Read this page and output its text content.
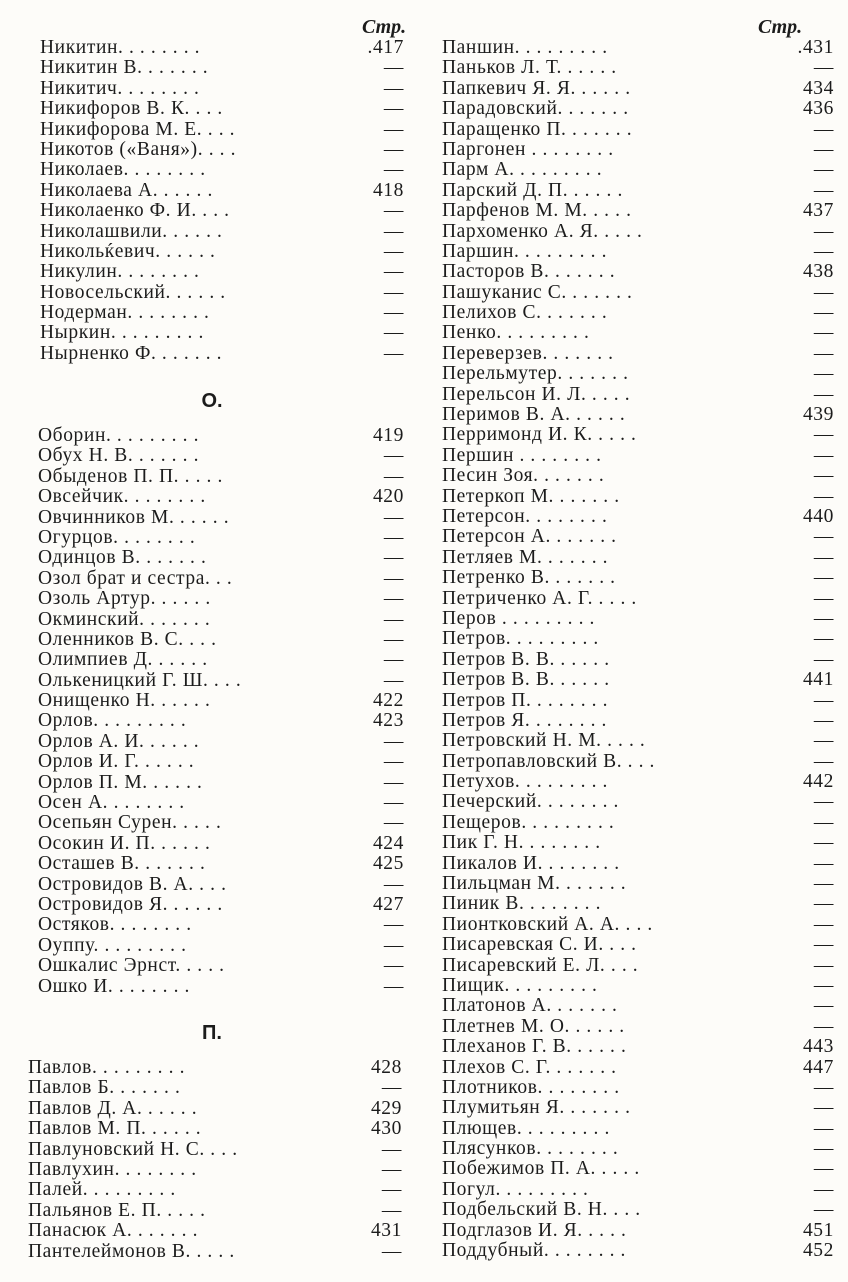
Стр.
Никитин. . . . . . . .	.417
Никитин В. . . . . . .	—
Никитич. . . . . . . .	—
Никифоров В. К. . . .	—
Никифорова М. Е. . . .	—
Никотов («Ваня»). . . .	—
Николаев. . . . . . . .	—
Николаева А. . . . . .	418
Николаенко Ф. И. . . .	—
Николашвили. . . . . .	—
Никольќевич. . . . . .	—
Никулин. . . . . . . .	—
Новосельский. . . . . .	—
Нодерман. . . . . . . .	—
Ныркин. . . . . . . . .	—
Нырненко Ф. . . . . . .	—
О.
Оборин. . . . . . . . .	419
Обух Н. В. . . . . . .	—
Обыденов П. П. . . . .	—
Овсейчик. . . . . . . .	420
Овчинников М. . . . . .	—
Огурцов. . . . . . . .	—
Одинцов В. . . . . . .	—
Озол брат и сестра. . .	—
Озоль Артур. . . . . .	—
Окминский. . . . . . .	—
Оленников В. С. . . .	—
Олимпиев Д. . . . . .	—
Олькеницкий Г. Ш. . . .	—
Онищенко Н. . . . . .	422
Орлов. . . . . . . . .	423
Орлов А. И. . . . . .	—
Орлов И. Г. . . . . .	—
Орлов П. М. . . . . .	—
Осен А. . . . . . . .	—
Осепьян Сурен. . . . .	—
Осокин И. П. . . . . .	424
Осташев В. . . . . . .	425
Островидов В. А. . . .	—
Островидов Я. . . . . .	427
Остяков. . . . . . . .	—
Оуппу. . . . . . . . .	—
Ошкалис Эрнст. . . . .	—
Ошко И. . . . . . . .	—
П.
Павлов. . . . . . . . .	428
Павлов Б. . . . . . .	—
Павлов Д. А. . . . . .	429
Павлов М. П. . . . . .	430
Павлуновский Н. С. . . .	—
Павлухин. . . . . . . .	—
Палей. . . . . . . . .	—
Пальянов Е. П. . . . .	—
Панасюк А. . . . . . .	431
Пантелеймонов В. . . . .	—
Стр.
Паншин. . . . . . . . .	.431
Паньков Л. Т. . . . . .	—
Папкевич Я. Я. . . . . .	434
Парадовский. . . . . . .	436
Паращенко П. . . . . . .	—
Паргонен . . . . . . . .	—
Парм А. . . . . . . . .	—
Парский Д. П. . . . . .	—
Парфенов М. М. . . . .	437
Пархоменко А. Я. . . . .	—
Паршин. . . . . . . . .	—
Пасторов В. . . . . . .	438
Пашуканис С. . . . . . .	—
Пелихов С. . . . . . .	—
Пенко. . . . . . . . .	—
Переверзев. . . . . . .	—
Перельмутер. . . . . . .	—
Перельсон И. Л. . . . .	—
Перимов В. А. . . . . .	439
Перримонд И. К. . . . .	—
Першин . . . . . . . .	—
Песин Зоя. . . . . . .	—
Петеркоп М. . . . . . .	—
Петерсон. . . . . . . .	440
Петерсон А. . . . . . .	—
Петляев М. . . . . . .	—
Петренко В. . . . . . .	—
Петриченко А. Г. . . . .	—
Перов . . . . . . . . .	—
Петров. . . . . . . . .	—
Петров В. В. . . . . .	—
Петров В. В. . . . . .	441
Петров П. . . . . . . .	—
Петров Я. . . . . . . .	—
Петровский Н. М. . . . .	—
Петропавловский В. . . .	—
Петухов. . . . . . . . .	442
Печерский. . . . . . . .	—
Пещеров. . . . . . . . .	—
Пик Г. Н. . . . . . . .	—
Пикалов И. . . . . . . .	—
Пильцман М. . . . . . .	—
Пиник В. . . . . . . .	—
Пионтковский А. А. . . .	—
Писаревская С. И. . . .	—
Писаревский Е. Л. . . .	—
Пищик. . . . . . . . .	—
Платонов А. . . . . . .	—
Плетнев М. О. . . . . .	—
Плеханов Г. В. . . . . .	443
Плехов С. Г. . . . . . .	447
Плотников. . . . . . . .	—
Плумитьян Я. . . . . . .	—
Плющев. . . . . . . . .	—
Плясунков. . . . . . . .	—
Побежимов П. А. . . . .	—
Погул. . . . . . . . .	—
Подбельский В. Н. . . .	—
Подглазов И. Я. . . . .	451
Поддубный. . . . . . . .	452
